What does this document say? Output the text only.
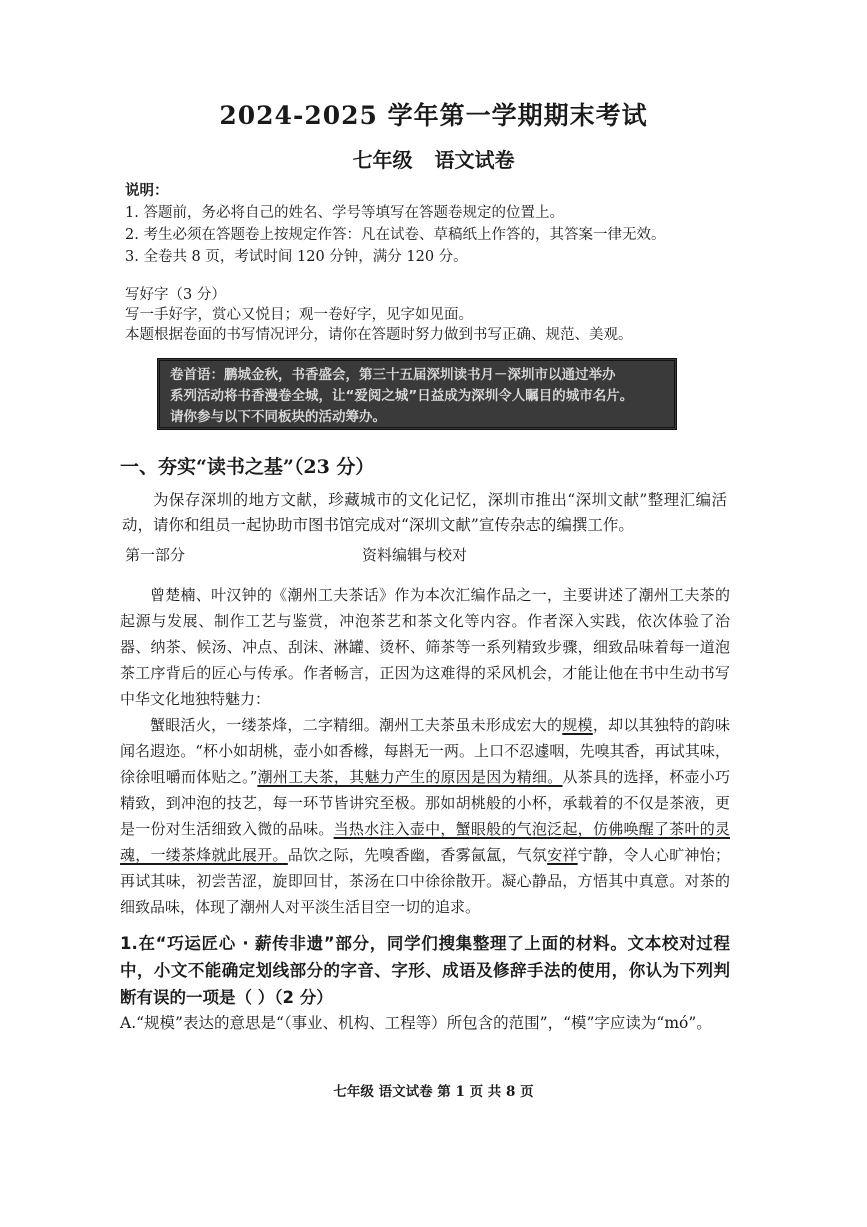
2024-2025 学年第一学期期末考试
七年级 语文试卷
说明：
1. 答题前，务必将自己的姓名、学号等填写在答题卷规定的位置上。
2. 考生必须在答题卷上按规定作答：凡在试卷、草稿纸上作答的，其答案一律无效。
3. 全卷共 8 页，考试时间 120 分钟，满分 120 分。
写好字（3 分）
写一手好字，赏心又悦目；观一卷好字，见字如见面。
本题根据卷面的书写情况评分，请你在答题时努力做到书写正确、规范、美观。
卷首语：鹏城金秋，书香盛会，第三十五届深圳读书月－深圳市以通过举办
系列活动将书香漫卷全城，让“爱阅之城”日益成为深圳令人瞩目的城市名片。
请你参与以下不同板块的活动筹办。
一、夯实“读书之基”（23 分）
为保存深圳的地方文献，珍藏城市的文化记忆，深圳市推出“深圳文献”整理汇编活动，请你和组员一起协助市图书馆完成对“深圳文献”宣传杂志的编撰工作。
第一部分	资料编辑与校对
曾楚楠、叶汉钟的《潮州工夫茶话》作为本次汇编作品之一，主要讲述了潮州工夫茶的起源与发展、制作工艺与鉴赏，冲泡茶艺和茶文化等内容。作者深入实践，依次体验了治器、纳茶、候汤、冲点、刮沫、淋罐、烫杯、筛茶等一系列精致步骤，细致品味着每一道泡茶工序背后的匠心与传承。作者畅言，正因为这难得的采风机会，才能让他在书中生动书写中华文化地独特魅力：
蟹眼活火，一缕茶烽，二字精细。潮州工夫茶虽未形成宏大的规模，却以其独特的韵味闻名遐迩。“杯小如胡桃，壶小如香橼，每斟无一两。上口不忍遽咽，先嗅其香，再试其味，徐徐咀嚼而体贴之。”潮州工夫茶，其魅力产生的原因是因为精细。从茶具的选择，杯壶小巧精致，到冲泡的技艺，每一环节皆讲究至极。那如胡桃般的小杯，承载着的不仅是茶液，更是一份对生活细致入微的品味。当热水注入壶中，蟹眼般的气泡泛起，仿佛唤醒了茶叶的灵魂，一缕茶烽就此展开。品饮之际，先嗅香幽，香雾氤氲，气氛安祥宁静，令人心旷神怡；再试其味，初尝苦涩，旋即回甘，茶汤在口中徐徐散开。凝心静品，方悟其中真意。对茶的细致品味，体现了潮州人对平淡生活目空一切的追求。
1.在“巧运匠心 · 薪传非遗”部分，同学们搜集整理了上面的材料。文本校对过程中，小文不能确定划线部分的字音、字形、成语及修辞手法的使用，你认为下列判断有误的一项是（ ）（2 分）
A.“规模”表达的意思是“（事业、机构、工程等）所包含的范围”，“模”字应读为“mó”。
七年级 语文试卷 第 1 页 共 8 页
